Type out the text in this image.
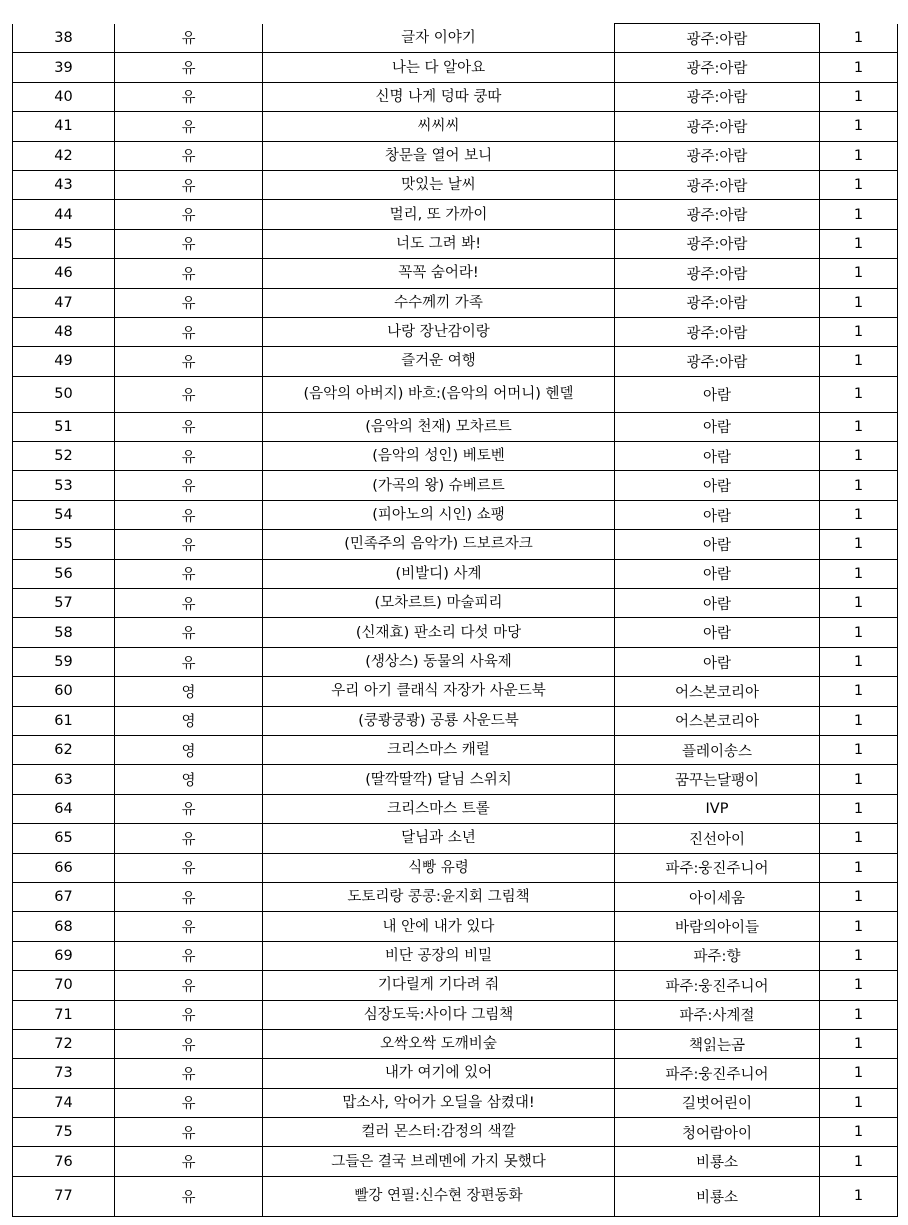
38	유	글자 이야기	광주:아람	1
39	유	나는 다 알아요	광주:아람	1
40	유	신명 나게 덩따 쿵따	광주:아람	1
41	유	씨씨씨	광주:아람	1
42	유	창문을 열어 보니	광주:아람	1
43	유	맛있는 날씨	광주:아람	1
44	유	멀리, 또 가까이	광주:아람	1
45	유	너도 그려 봐!	광주:아람	1
46	유	꼭꼭 숨어라!	광주:아람	1
47	유	수수께끼 가족	광주:아람	1
48	유	나랑 장난감이랑	광주:아람	1
49	유	즐거운 여행	광주:아람	1
50	유	(음악의 아버지) 바흐:(음악의 어머니) 헨델	아람	1
51	유	(음악의 천재) 모차르트	아람	1
52	유	(음악의 성인) 베토벤	아람	1
53	유	(가곡의 왕) 슈베르트	아람	1
54	유	(피아노의 시인) 쇼팽	아람	1
55	유	(민족주의 음악가) 드보르자크	아람	1
56	유	(비발디) 사계	아람	1
57	유	(모차르트) 마술피리	아람	1
58	유	(신재효) 판소리 다섯 마당	아람	1
59	유	(생상스) 동물의 사육제	아람	1
60	영	우리 아기 클래식 자장가 사운드북	어스본코리아	1
61	영	(쿵쾅쿵쾅) 공룡 사운드북	어스본코리아	1
62	영	크리스마스 캐럴	플레이송스	1
63	영	(딸깍딸깍) 달님 스위치	꿈꾸는달팽이	1
64	유	크리스마스 트롤	IVP	1
65	유	달님과 소년	진선아이	1
66	유	식빵 유령	파주:웅진주니어	1
67	유	도토리랑 콩콩:윤지회 그림책	아이세움	1
68	유	내 안에 내가 있다	바람의아이들	1
69	유	비단 공장의 비밀	파주:향	1
70	유	기다릴게 기다려 줘	파주:웅진주니어	1
71	유	심장도둑:사이다 그림책	파주:사계절	1
72	유	오싹오싹 도깨비숲	책읽는곰	1
73	유	내가 여기에 있어	파주:웅진주니어	1
74	유	맙소사, 악어가 오딜을 삼켰대!	길벗어린이	1
75	유	컬러 몬스터:감정의 색깔	청어람아이	1
76	유	그들은 결국 브레멘에 가지 못했다	비룡소	1
77	유	빨강 연필:신수현 장편동화	비룡소	1
